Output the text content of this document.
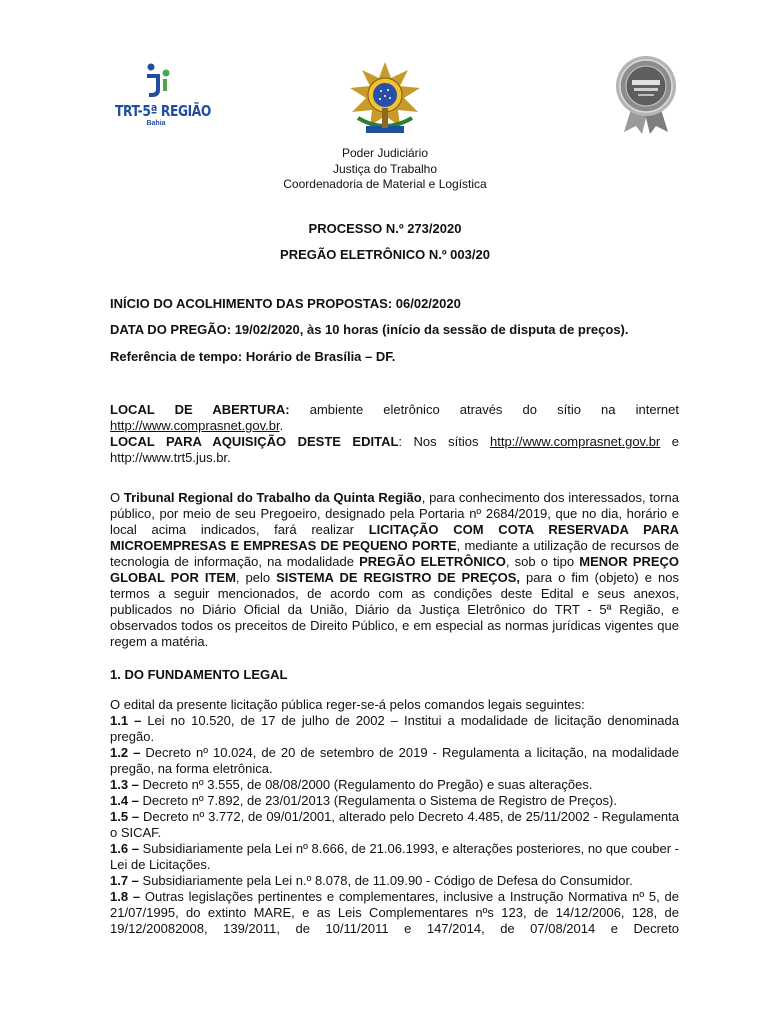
TRT-5ª REGIÃO
Bahia
Poder Judiciário
Justiça do Trabalho
Coordenadoria de Material e Logística
PROCESSO N.º 273/2020
PREGÃO ELETRÔNICO N.º 003/20
INÍCIO DO ACOLHIMENTO DAS PROPOSTAS: 06/02/2020
DATA DO PREGÃO: 19/02/2020, às 10 horas (início da sessão de disputa de preços).
Referência de tempo: Horário de Brasília – DF.

LOCAL DE ABERTURA: ambiente eletrônico através do sítio na internet

http://www.comprasnet.gov.br.

LOCAL PARA AQUISIÇÃO DESTE EDITAL: Nos sítios http://www.comprasnet.gov.br e

http://www.trt5.jus.br.

O Tribunal Regional do Trabalho da Quinta Região, para conhecimento dos interessados, torna público, por meio de seu Pregoeiro, designado pela Portaria nº 2684/2019, que no dia, horário e local acima indicados, fará realizar LICITAÇÃO COM COTA RESERVADA PARA MICROEMPRESAS E EMPRESAS DE PEQUENO PORTE, mediante a utilização de recursos de tecnologia de informação, na modalidade PREGÃO ELETRÔNICO, sob o tipo MENOR PREÇO GLOBAL POR ITEM, pelo SISTEMA DE REGISTRO DE PREÇOS, para o fim (objeto) e nos termos a seguir mencionados, de acordo com as condições deste Edital e seus anexos, publicados no Diário Oficial da União, Diário da Justiça Eletrônico do TRT - 5ª Região, e observados todos os preceitos de Direito Público, e em especial as normas jurídicas vigentes que regem a matéria.

1. DO FUNDAMENTO LEGAL

O edital da presente licitação pública reger-se-á pelos comandos legais seguintes:

1.1 – Lei no 10.520, de 17 de julho de 2002 – Institui a modalidade de licitação denominada pregão.

1.2 – Decreto nº 10.024, de 20 de setembro de 2019 - Regulamenta a licitação, na modalidade pregão, na forma eletrônica.

1.3 – Decreto nº 3.555, de 08/08/2000 (Regulamento do Pregão) e suas alterações.

1.4 – Decreto nº 7.892, de 23/01/2013 (Regulamenta o Sistema de Registro de Preços).

1.5 – Decreto nº 3.772, de 09/01/2001, alterado pelo Decreto 4.485, de 25/11/2002 - Regulamenta o SICAF.

1.6 – Subsidiariamente pela Lei nº 8.666, de 21.06.1993, e alterações posteriores, no que couber - Lei de Licitações.

1.7 – Subsidiariamente pela Lei n.º 8.078, de 11.09.90 - Código de Defesa do Consumidor.

1.8 – Outras legislações pertinentes e complementares, inclusive a Instrução Normativa nº 5, de 21/07/1995, do extinto MARE, e as Leis Complementares nºs 123, de 14/12/2006, 128, de 19/12/20082008, 139/2011, de 10/11/2011 e 147/2014, de 07/08/2014 e Decreto
